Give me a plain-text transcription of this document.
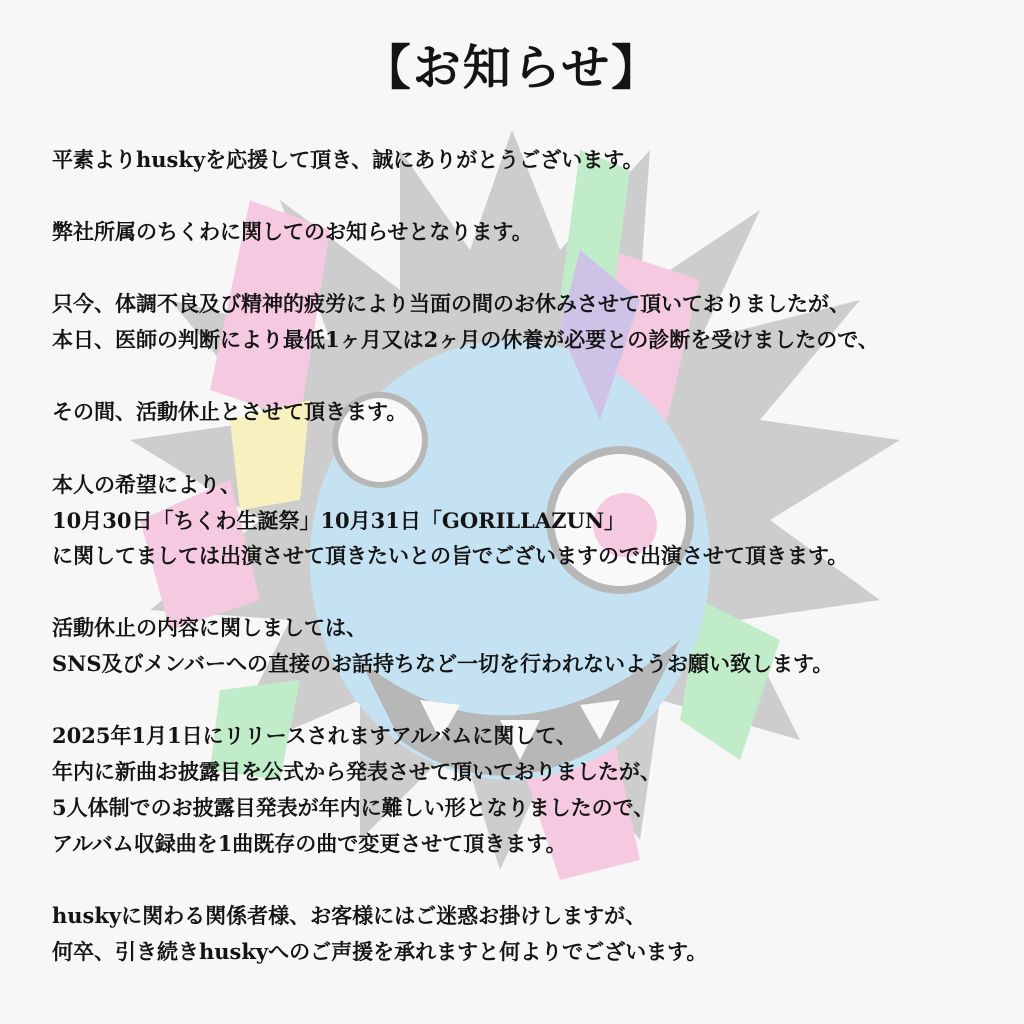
【お知らせ】

平素よりhuskyを応援して頂き、誠にありがとうございます。

弊社所属のちくわに関してのお知らせとなります。

只今、体調不良及び精神的疲労により当面の間のお休みさせて頂いておりましたが、

本日、医師の判断により最低1ヶ月又は2ヶ月の休養が必要との診断を受けましたので、

その間、活動休止とさせて頂きます。

本人の希望により、

10月30日「ちくわ生誕祭」10月31日「GORILLAZUN」

に関してましては出演させて頂きたいとの旨でございますので出演させて頂きます。

活動休止の内容に関しましては、

SNS及びメンバーへの直接のお話持ちなど一切を行われないようお願い致します。

2025年1月1日にリリースされますアルバムに関して、

年内に新曲お披露目を公式から発表させて頂いておりましたが、

5人体制でのお披露目発表が年内に難しい形となりましたので、

アルバム収録曲を1曲既存の曲で変更させて頂きます。

huskyに関わる関係者様、お客様にはご迷惑お掛けしますが、

何卒、引き続きhuskyへのご声援を承れますと何よりでございます。
